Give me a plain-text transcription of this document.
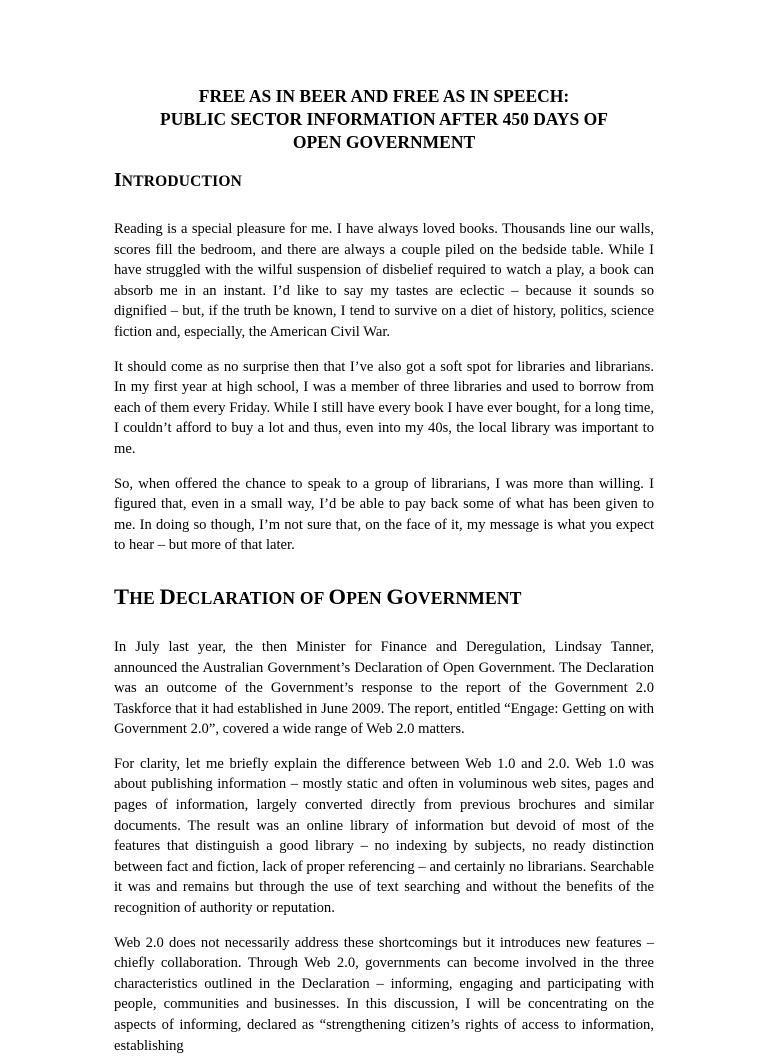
FREE AS IN BEER AND FREE AS IN SPEECH:
PUBLIC SECTOR INFORMATION AFTER 450 DAYS OF
OPEN GOVERNMENT
INTRODUCTION

Reading is a special pleasure for me. I have always loved books. Thousands line our walls, scores fill the bedroom, and there are always a couple piled on the bedside table. While I have struggled with the wilful suspension of disbelief required to watch a play, a book can absorb me in an instant. I’d like to say my tastes are eclectic – because it sounds so dignified – but, if the truth be known, I tend to survive on a diet of history, politics, science fiction and, especially, the American Civil War.

It should come as no surprise then that I’ve also got a soft spot for libraries and librarians. In my first year at high school, I was a member of three libraries and used to borrow from each of them every Friday. While I still have every book I have ever bought, for a long time, I couldn’t afford to buy a lot and thus, even into my 40s, the local library was important to me.

So, when offered the chance to speak to a group of librarians, I was more than willing. I figured that, even in a small way, I’d be able to pay back some of what has been given to me. In doing so though, I’m not sure that, on the face of it, my message is what you expect to hear – but more of that later.

THE DECLARATION OF OPEN GOVERNMENT

In July last year, the then Minister for Finance and Deregulation, Lindsay Tanner, announced the Australian Government’s Declaration of Open Government. The Declaration was an outcome of the Government’s response to the report of the Government 2.0 Taskforce that it had established in June 2009. The report, entitled “Engage: Getting on with Government 2.0”, covered a wide range of Web 2.0 matters.

For clarity, let me briefly explain the difference between Web 1.0 and 2.0. Web 1.0 was about publishing information – mostly static and often in voluminous web sites, pages and pages of information, largely converted directly from previous brochures and similar documents. The result was an online library of information but devoid of most of the features that distinguish a good library – no indexing by subjects, no ready distinction between fact and fiction, lack of proper referencing – and certainly no librarians. Searchable it was and remains but through the use of text searching and without the benefits of the recognition of authority or reputation.

Web 2.0 does not necessarily address these shortcomings but it introduces new features – chiefly collaboration. Through Web 2.0, governments can become involved in the three characteristics outlined in the Declaration – informing, engaging and participating with people, communities and businesses. In this discussion, I will be concentrating on the aspects of informing, declared as “strengthening citizen’s rights of access to information, establishing
